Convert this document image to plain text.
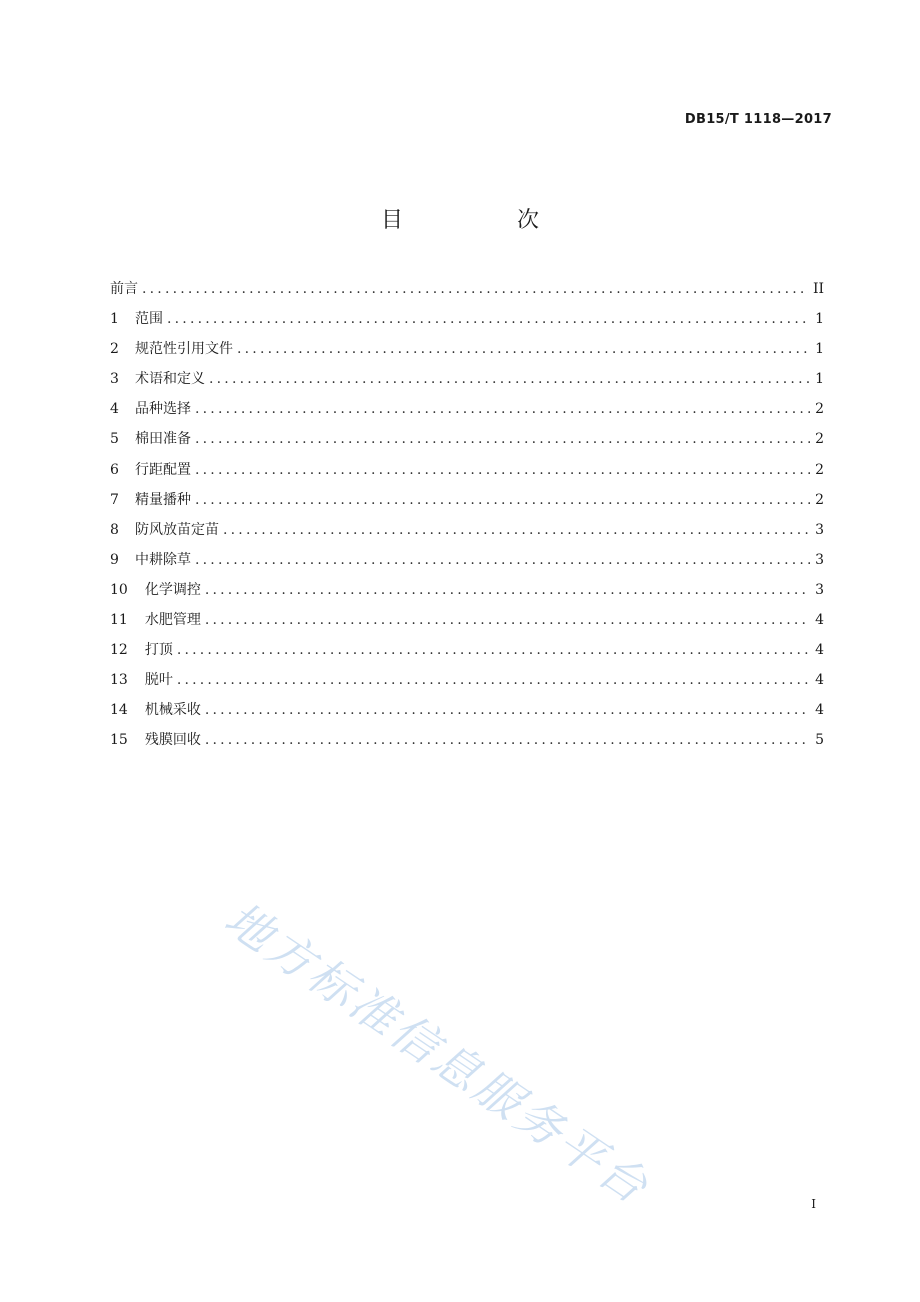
DB15/T 1118—2017
目　次
前言 .....	II
1 范围 .....	1
2 规范性引用文件 .....	1
3 术语和定义 .....	1
4 品种选择 .....	2
5 棉田准备 .....	2
6 行距配置 .....	2
7 精量播种 .....	2
8 防风放苗定苗 .....	3
9 中耕除草 .....	3
10 化学调控 .....	3
11 水肥管理 .....	4
12 打顶 .....	4
13 脱叶 .....	4
14 机械采收 .....	4
15 残膜回收 .....	5
地方标准信息服务平台	I
